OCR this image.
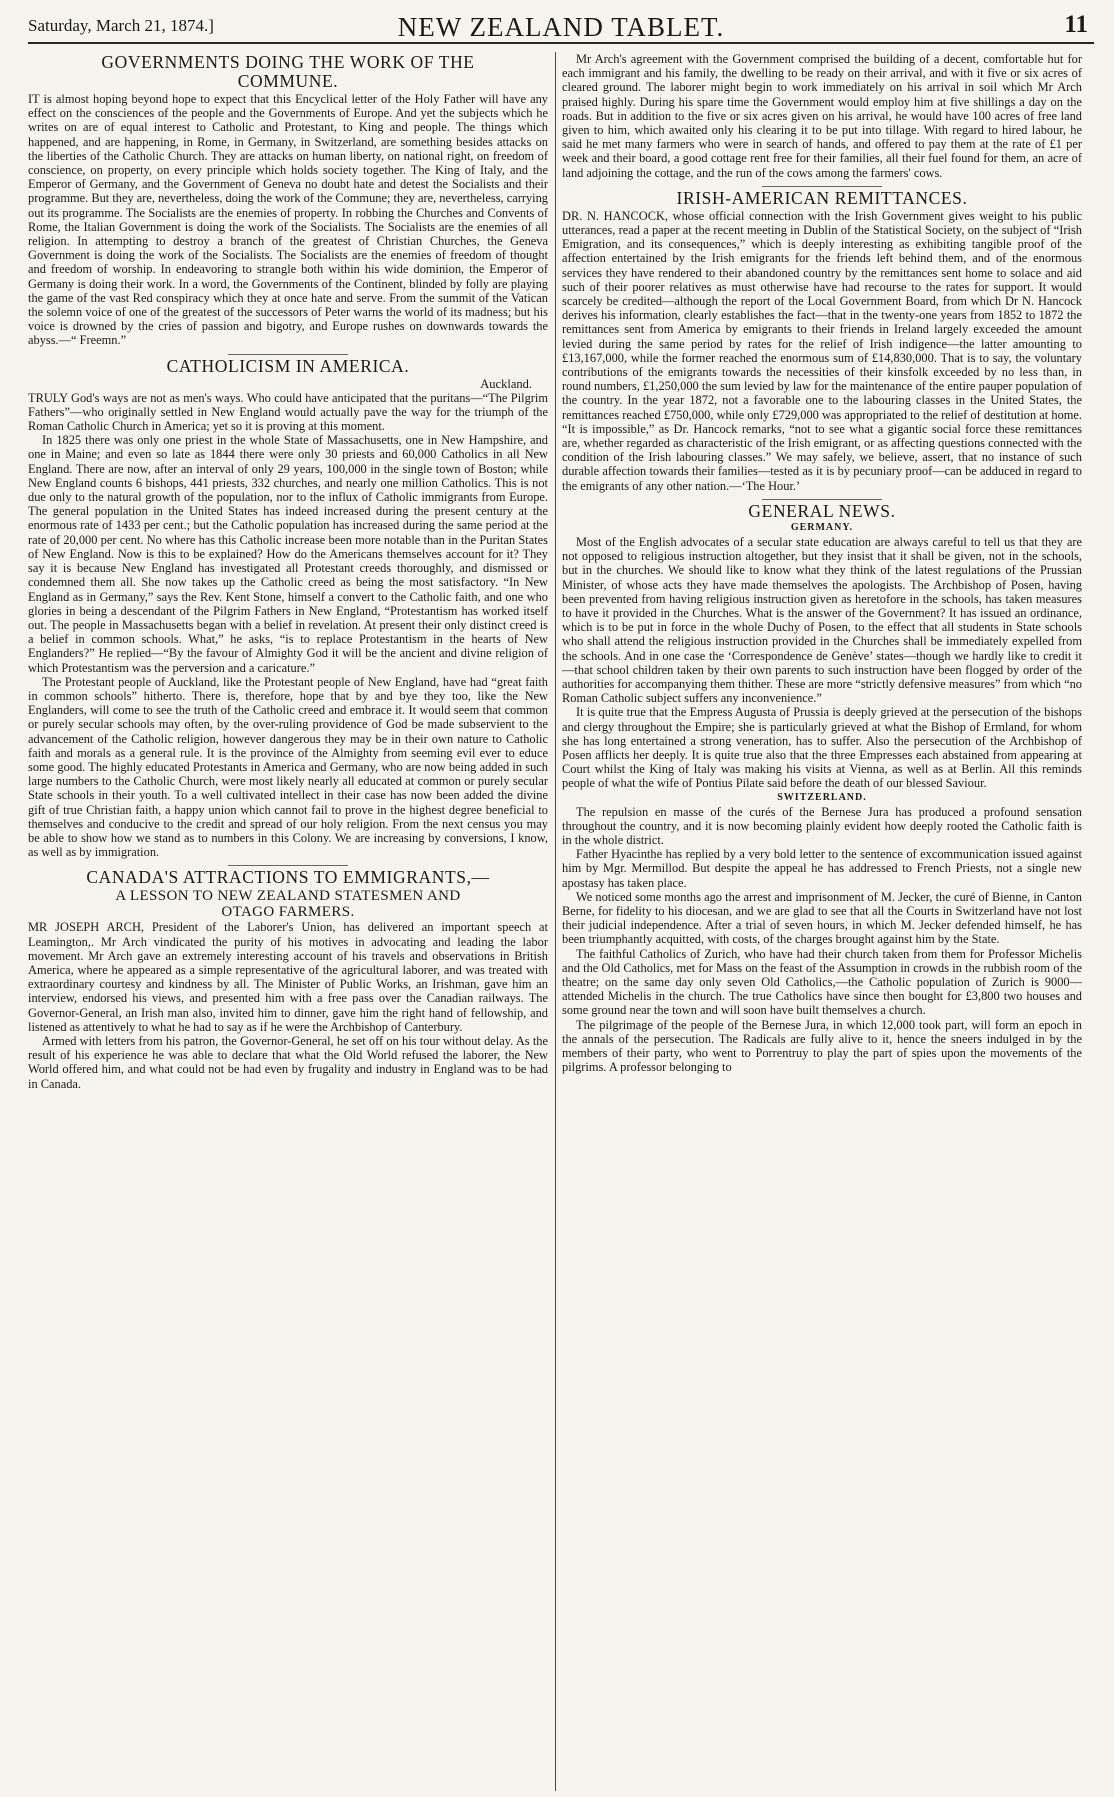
Saturday, March 21, 1874.]	NEW ZEALAND TABLET.	11
GOVERNMENTS DOING THE WORK OF THE
COMMUNE.

IT is almost hoping beyond hope to expect that this Encyclical letter of the Holy Father will have any effect on the consciences of the people and the Governments of Europe. And yet the subjects which he writes on are of equal interest to Catholic and Protestant, to King and people. The things which happened, and are happening, in Rome, in Germany, in Switzerland, are something besides attacks on the liberties of the Catholic Church. They are attacks on human liberty, on national right, on freedom of conscience, on property, on every principle which holds society together. The King of Italy, and the Emperor of Germany, and the Government of Geneva no doubt hate and detest the Socialists and their programme. But they are, nevertheless, doing the work of the Commune; they are, nevertheless, carrying out its programme. The Socialists are the enemies of property. In robbing the Churches and Convents of Rome, the Italian Government is doing the work of the Socialists. The Socialists are the enemies of all religion. In attempting to destroy a branch of the greatest of Christian Churches, the Geneva Government is doing the work of the Socialists. The Socialists are the enemies of freedom of thought and freedom of worship. In endeavoring to strangle both within his wide dominion, the Emperor of Germany is doing their work. In a word, the Governments of the Continent, blinded by folly are playing the game of the vast Red conspiracy which they at once hate and serve. From the summit of the Vatican the solemn voice of one of the greatest of the successors of Peter warns the world of its madness; but his voice is drowned by the cries of passion and bigotry, and Europe rushes on downwards towards the abyss.—“ Freemn.”

CATHOLICISM IN AMERICA.
Auckland.

TRULY God's ways are not as men's ways. Who could have anticipated that the puritans—“The Pilgrim Fathers”—who originally settled in New England would actually pave the way for the triumph of the Roman Catholic Church in America; yet so it is proving at this moment.

In 1825 there was only one priest in the whole State of Massachusetts, one in New Hampshire, and one in Maine; and even so late as 1844 there were only 30 priests and 60,000 Catholics in all New England. There are now, after an interval of only 29 years, 100,000 in the single town of Boston; while New England counts 6 bishops, 441 priests, 332 churches, and nearly one million Catholics. This is not due only to the natural growth of the population, nor to the influx of Catholic immigrants from Europe. The general population in the United States has indeed increased during the present century at the enormous rate of 1433 per cent.; but the Catholic population has increased during the same period at the rate of 20,000 per cent. No where has this Catholic increase been more notable than in the Puritan States of New England. Now is this to be explained? How do the Americans themselves account for it? They say it is because New England has investigated all Protestant creeds thoroughly, and dismissed or condemned them all. She now takes up the Catholic creed as being the most satisfactory. “In New England as in Germany,” says the Rev. Kent Stone, himself a convert to the Catholic faith, and one who glories in being a descendant of the Pilgrim Fathers in New England, “Protestantism has worked itself out. The people in Massachusetts began with a belief in revelation. At present their only distinct creed is a belief in common schools. What,” he asks, “is to replace Protestantism in the hearts of New Englanders?” He replied—“By the favour of Almighty God it will be the ancient and divine religion of which Protestantism was the perversion and a caricature.”

The Protestant people of Auckland, like the Protestant people of New England, have had “great faith in common schools” hitherto. There is, therefore, hope that by and bye they too, like the New Englanders, will come to see the truth of the Catholic creed and embrace it. It would seem that common or purely secular schools may often, by the over-ruling providence of God be made subservient to the advancement of the Catholic religion, however dangerous they may be in their own nature to Catholic faith and morals as a general rule. It is the province of the Almighty from seeming evil ever to educe some good. The highly educated Protestants in America and Germany, who are now being added in such large numbers to the Catholic Church, were most likely nearly all educated at common or purely secular State schools in their youth. To a well cultivated intellect in their case has now been added the divine gift of true Christian faith, a happy union which cannot fail to prove in the highest degree beneficial to themselves and conducive to the credit and spread of our holy religion. From the next census you may be able to show how we stand as to numbers in this Colony. We are increasing by conversions, I know, as well as by immigration.

CANADA'S ATTRACTIONS TO EMMIGRANTS,—
A LESSON TO NEW ZEALAND STATESMEN AND
OTAGO FARMERS.

MR JOSEPH ARCH, President of the Laborer's Union, has delivered an important speech at Leamington,. Mr Arch vindicated the purity of his motives in advocating and leading the labor movement. Mr Arch gave an extremely interesting account of his travels and observations in British America, where he appeared as a simple representative of the agricultural laborer, and was treated with extraordinary courtesy and kindness by all. The Minister of Public Works, an Irishman, gave him an interview, endorsed his views, and presented him with a free pass over the Canadian railways. The Governor-General, an Irish man also, invited him to dinner, gave him the right hand of fellowship, and listened as attentively to what he had to say as if he were the Archbishop of Canterbury.

Armed with letters from his patron, the Governor-General, he set off on his tour without delay. As the result of his experience he was able to declare that what the Old World refused the laborer, the New World offered him, and what could not be had even by frugality and industry in England was to be had in Canada.

Mr Arch's agreement with the Government comprised the building of a decent, comfortable hut for each immigrant and his family, the dwelling to be ready on their arrival, and with it five or six acres of cleared ground. The laborer might begin to work immediately on his arrival in soil which Mr Arch praised highly. During his spare time the Government would employ him at five shillings a day on the roads. But in addition to the five or six acres given on his arrival, he would have 100 acres of free land given to him, which awaited only his clearing it to be put into tillage. With regard to hired labour, he said he met many farmers who were in search of hands, and offered to pay them at the rate of £1 per week and their board, a good cottage rent free for their families, all their fuel found for them, an acre of land adjoining the cottage, and the run of the cows among the farmers' cows.

IRISH-AMERICAN REMITTANCES.

DR. N. HANCOCK, whose official connection with the Irish Government gives weight to his public utterances, read a paper at the recent meeting in Dublin of the Statistical Society, on the subject of “Irish Emigration, and its consequences,” which is deeply interesting as exhibiting tangible proof of the affection entertained by the Irish emigrants for the friends left behind them, and of the enormous services they have rendered to their abandoned country by the remittances sent home to solace and aid such of their poorer relatives as must otherwise have had recourse to the rates for support. It would scarcely be credited—although the report of the Local Government Board, from which Dr N. Hancock derives his information, clearly establishes the fact—that in the twenty-one years from 1852 to 1872 the remittances sent from America by emigrants to their friends in Ireland largely exceeded the amount levied during the same period by rates for the relief of Irish indigence—the latter amounting to £13,167,000, while the former reached the enormous sum of £14,830,000. That is to say, the voluntary contributions of the emigrants towards the necessities of their kinsfolk exceeded by no less than, in round numbers, £1,250,000 the sum levied by law for the maintenance of the entire pauper population of the country. In the year 1872, not a favorable one to the labouring classes in the United States, the remittances reached £750,000, while only £729,000 was appropriated to the relief of destitution at home. “It is impossible,” as Dr. Hancock remarks, “not to see what a gigantic social force these remittances are, whether regarded as characteristic of the Irish emigrant, or as affecting questions connected with the condition of the Irish labouring classes.” We may safely, we believe, assert, that no instance of such durable affection towards their families—tested as it is by pecuniary proof—can be adduced in regard to the emigrants of any other nation.—‘The Hour.’

GENERAL NEWS.
GERMANY.

Most of the English advocates of a secular state education are always careful to tell us that they are not opposed to religious instruction altogether, but they insist that it shall be given, not in the schools, but in the churches. We should like to know what they think of the latest regulations of the Prussian Minister, of whose acts they have made themselves the apologists. The Archbishop of Posen, having been prevented from having religious instruction given as heretofore in the schools, has taken measures to have it provided in the Churches. What is the answer of the Government? It has issued an ordinance, which is to be put in force in the whole Duchy of Posen, to the effect that all students in State schools who shall attend the religious instruction provided in the Churches shall be immediately expelled from the schools. And in one case the ‘Correspondence de Genève’ states—though we hardly like to credit it—that school children taken by their own parents to such instruction have been flogged by order of the authorities for accompanying them thither. These are more “strictly defensive measures” from which “no Roman Catholic subject suffers any inconvenience.”

It is quite true that the Empress Augusta of Prussia is deeply grieved at the persecution of the bishops and clergy throughout the Empire; she is particularly grieved at what the Bishop of Ermland, for whom she has long entertained a strong veneration, has to suffer. Also the persecution of the Archbishop of Posen afflicts her deeply. It is quite true also that the three Empresses each abstained from appearing at Court whilst the King of Italy was making his visits at Vienna, as well as at Berlin. All this reminds people of what the wife of Pontius Pilate said before the death of our blessed Saviour.

SWITZERLAND.

The repulsion en masse of the curés of the Bernese Jura has produced a profound sensation throughout the country, and it is now becoming plainly evident how deeply rooted the Catholic faith is in the whole district.

Father Hyacinthe has replied by a very bold letter to the sentence of excommunication issued against him by Mgr. Mermillod. But despite the appeal he has addressed to French Priests, not a single new apostasy has taken place.

We noticed some months ago the arrest and imprisonment of M. Jecker, the curé of Bienne, in Canton Berne, for fidelity to his diocesan, and we are glad to see that all the Courts in Switzerland have not lost their judicial independence. After a trial of seven hours, in which M. Jecker defended himself, he has been triumphantly acquitted, with costs, of the charges brought against him by the State.

The faithful Catholics of Zurich, who have had their church taken from them for Professor Michelis and the Old Catholics, met for Mass on the feast of the Assumption in crowds in the rubbish room of the theatre; on the same day only seven Old Catholics,—the Catholic population of Zurich is 9000—attended Michelis in the church. The true Catholics have since then bought for £3,800 two houses and some ground near the town and will soon have built themselves a church.

The pilgrimage of the people of the Bernese Jura, in which 12,000 took part, will form an epoch in the annals of the persecution. The Radicals are fully alive to it, hence the sneers indulged in by the members of their party, who went to Porrentruy to play the part of spies upon the movements of the pilgrims. A professor belonging to
